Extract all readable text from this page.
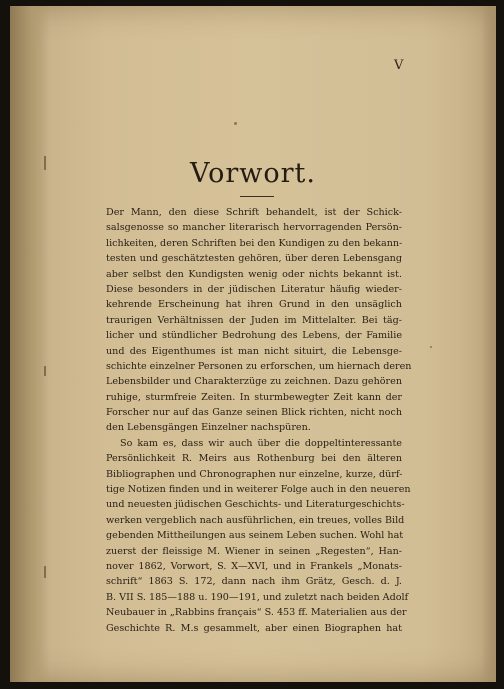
V
Vorwort.
Der Mann, den diese Schrift behandelt, ist der Schick-
salsgenosse so mancher literarisch hervorragenden Persön-
lichkeiten, deren Schriften bei den Kundigen zu den bekann-
testen und geschätztesten gehören, über deren Lebensgang
aber selbst den Kundigsten wenig oder nichts bekannt ist.
Diese besonders in der jüdischen Literatur häufig wieder-
kehrende Erscheinung hat ihren Grund in den unsäglich
traurigen Verhältnissen der Juden im Mittelalter. Bei täg-
licher und stündlicher Bedrohung des Lebens, der Familie
und des Eigenthumes ist man nicht situirt, die Lebensge-
schichte einzelner Personen zu erforschen, um hiernach deren
Lebensbilder und Charakterzüge zu zeichnen. Dazu gehören
ruhige, sturmfreie Zeiten. In sturmbewegter Zeit kann der
Forscher nur auf das Ganze seinen Blick richten, nicht noch
den Lebensgängen Einzelner nachspüren.
So kam es, dass wir auch über die doppeltinteressante
Persönlichkeit R. Meirs aus Rothenburg bei den älteren
Bibliographen und Chronographen nur einzelne, kurze, dürf-
tige Notizen finden und in weiterer Folge auch in den neueren
und neuesten jüdischen Geschichts- und Literaturgeschichts-
werken vergeblich nach ausführlichen, ein treues, volles Bild
gebenden Mittheilungen aus seinem Leben suchen. Wohl hat
zuerst der fleissige M. Wiener in seinen „Regesten“, Han-
nover 1862, Vorwort, S. X—XVI, und in Frankels „Monats-
schrift“ 1863 S. 172, dann nach ihm Grätz, Gesch. d. J.
B. VII S. 185—188 u. 190—191, und zuletzt nach beiden Adolf
Neubauer in „Rabbins français“ S. 453 ff. Materialien aus der
Geschichte R. M.s gesammelt, aber einen Biographen hat
